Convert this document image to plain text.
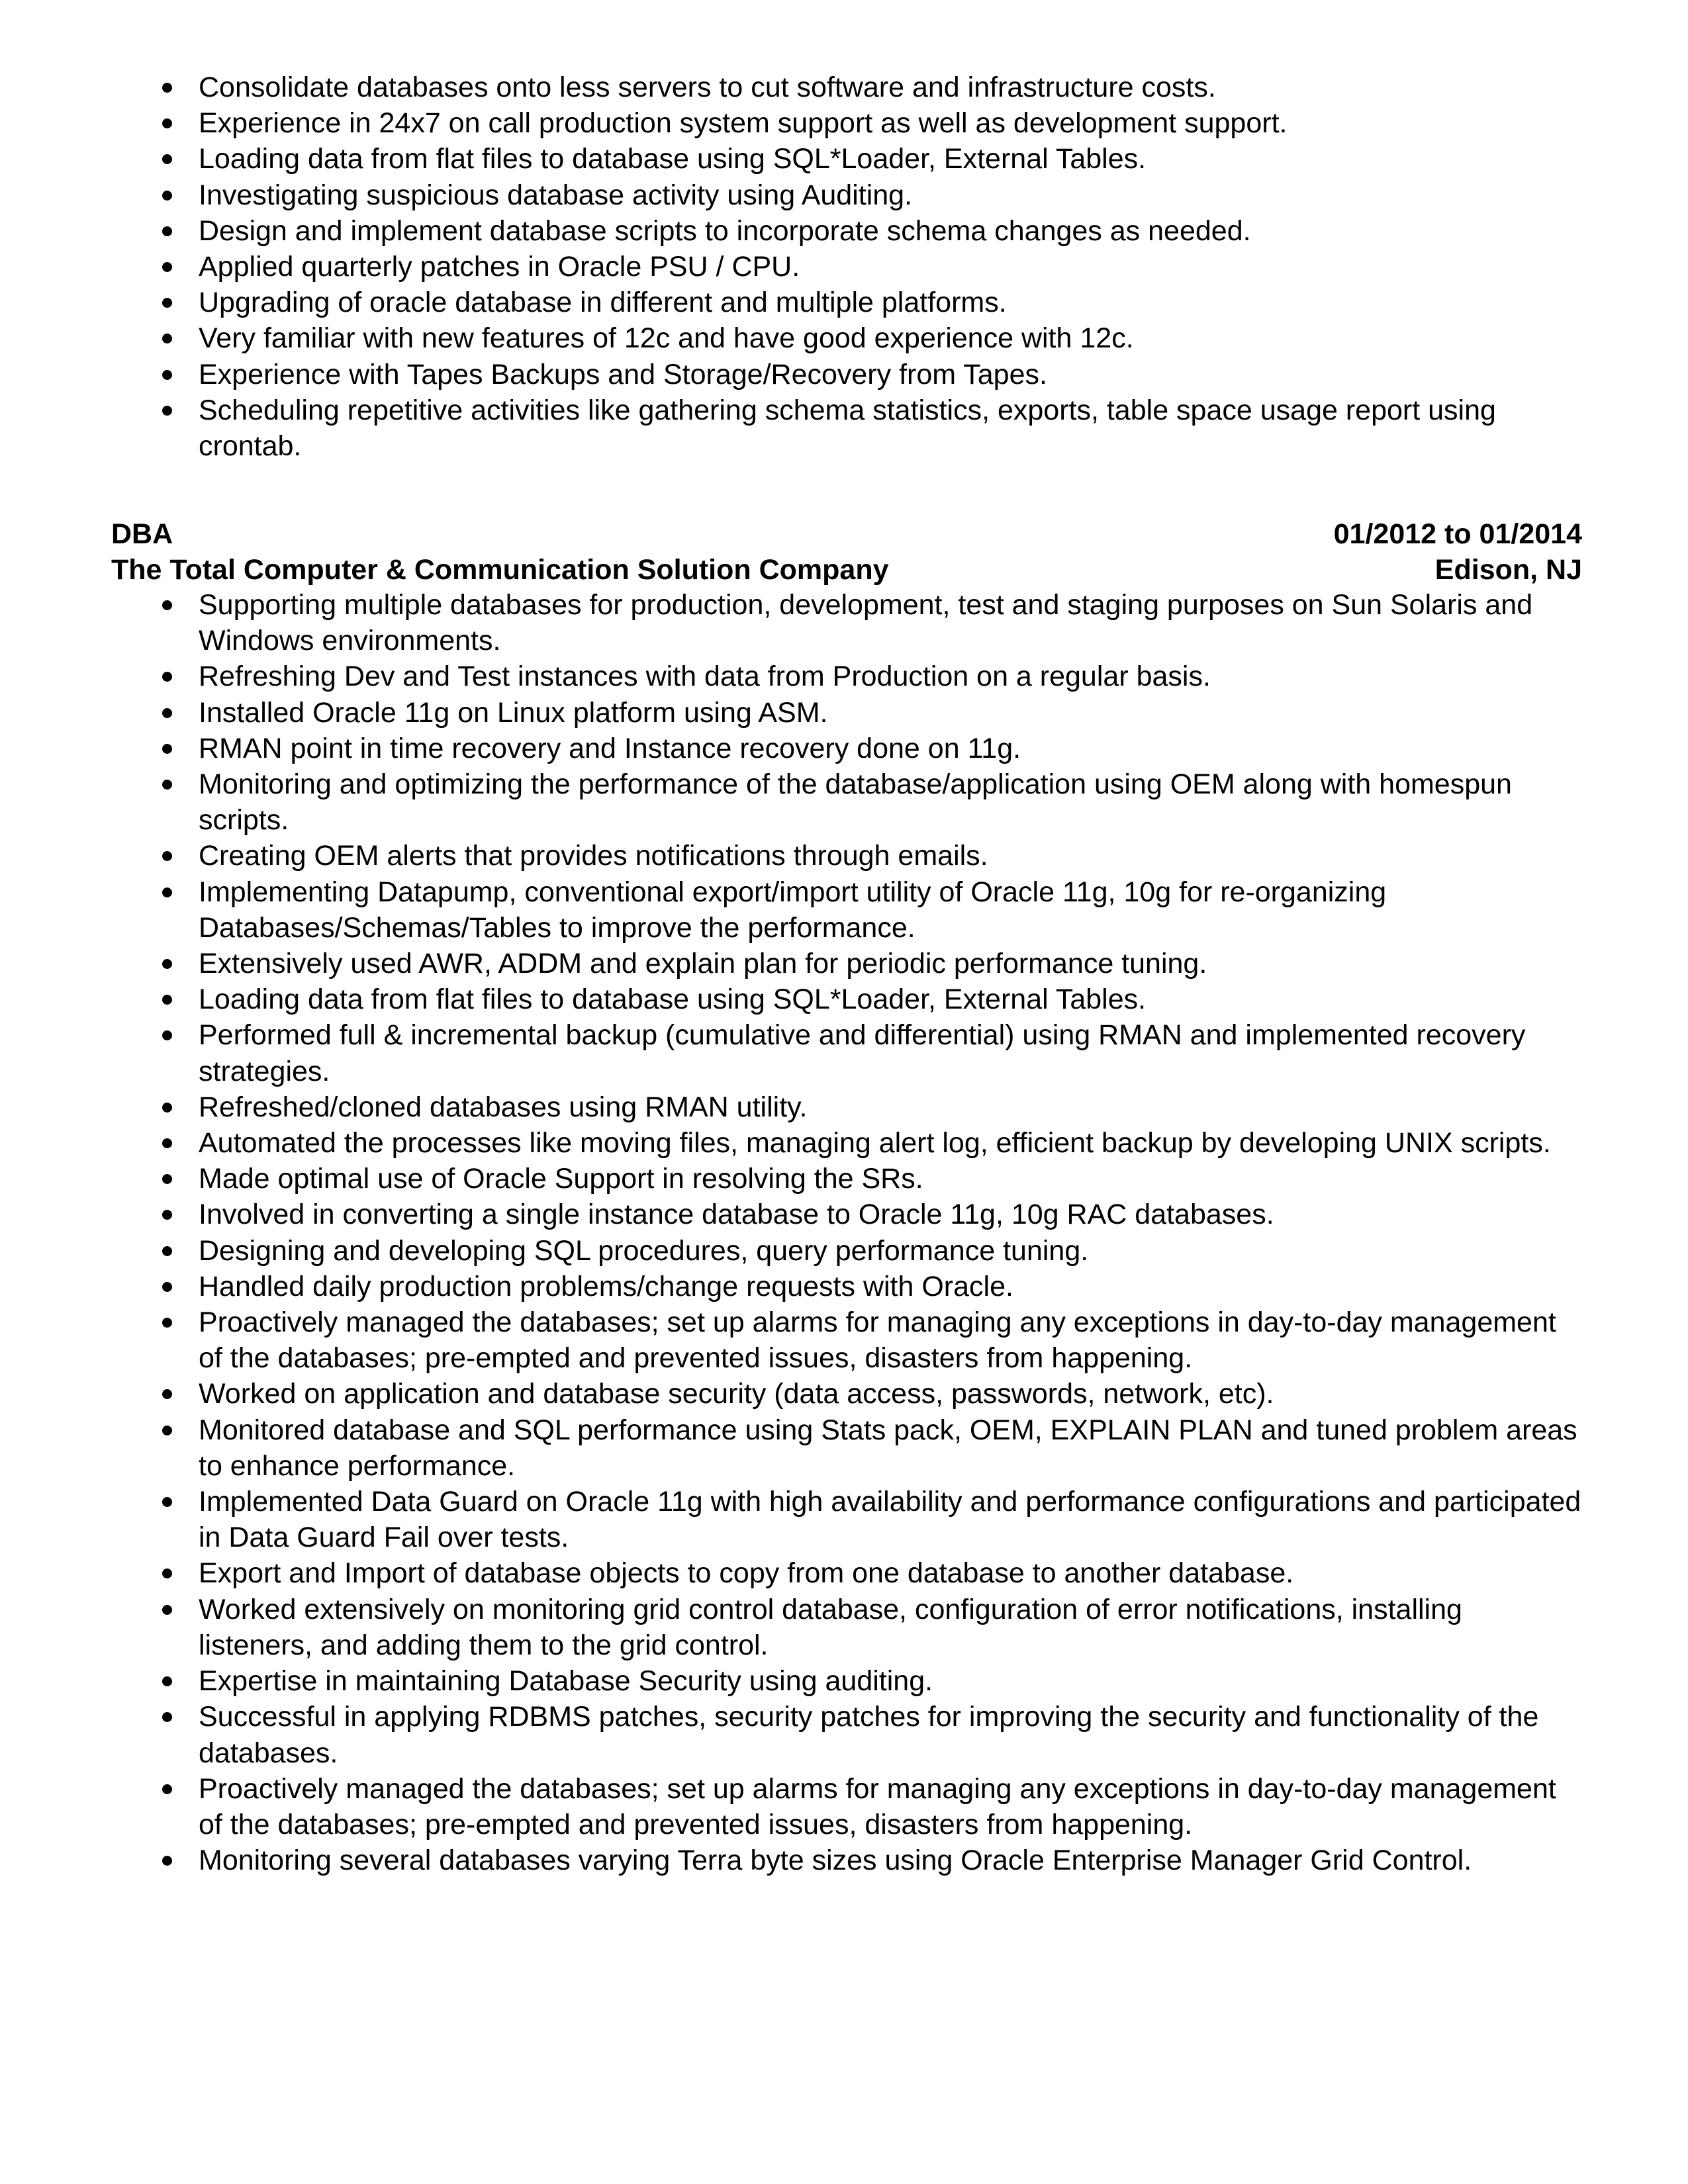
Consolidate databases onto less servers to cut software and infrastructure costs.
Experience in 24x7 on call production system support as well as development support.
Loading data from flat files to database using SQL*Loader, External Tables.
Investigating suspicious database activity using Auditing.
Design and implement database scripts to incorporate schema changes as needed.
Applied quarterly patches in Oracle PSU / CPU.
Upgrading of oracle database in different and multiple platforms.
Very familiar with new features of 12c and have good experience with 12c.
Experience with Tapes Backups and Storage/Recovery from Tapes.
Scheduling repetitive activities like gathering schema statistics, exports, table space usage report using crontab.
DBA	01/2012 to 01/2014
The Total Computer & Communication Solution Company	Edison, NJ
Supporting multiple databases for production, development, test and staging purposes on Sun Solaris and Windows environments.
Refreshing Dev and Test instances with data from Production on a regular basis.
Installed Oracle 11g on Linux platform using ASM.
RMAN point in time recovery and Instance recovery done on 11g.
Monitoring and optimizing the performance of the database/application using OEM along with homespun scripts.
Creating OEM alerts that provides notifications through emails.
Implementing Datapump, conventional export/import utility of Oracle 11g, 10g for re-organizing Databases/Schemas/Tables to improve the performance.
Extensively used AWR, ADDM and explain plan for periodic performance tuning.
Loading data from flat files to database using SQL*Loader, External Tables.
Performed full & incremental backup (cumulative and differential) using RMAN and implemented recovery strategies.
Refreshed/cloned databases using RMAN utility.
Automated the processes like moving files, managing alert log, efficient backup by developing UNIX scripts.
Made optimal use of Oracle Support in resolving the SRs.
Involved in converting a single instance database to Oracle 11g, 10g RAC databases.
Designing and developing SQL procedures, query performance tuning.
Handled daily production problems/change requests with Oracle.
Proactively managed the databases; set up alarms for managing any exceptions in day-to-day management of the databases; pre-empted and prevented issues, disasters from happening.
Worked on application and database security (data access, passwords, network, etc).
Monitored database and SQL performance using Stats pack, OEM, EXPLAIN PLAN and tuned problem areas to enhance performance.
Implemented Data Guard on Oracle 11g with high availability and performance configurations and participated in Data Guard Fail over tests.
Export and Import of database objects to copy from one database to another database.
Worked extensively on monitoring grid control database, configuration of error notifications, installing listeners, and adding them to the grid control.
Expertise in maintaining Database Security using auditing.
Successful in applying RDBMS patches, security patches for improving the security and functionality of the databases.
Proactively managed the databases; set up alarms for managing any exceptions in day-to-day management of the databases; pre-empted and prevented issues, disasters from happening.
Monitoring several databases varying Terra byte sizes using Oracle Enterprise Manager Grid Control.
